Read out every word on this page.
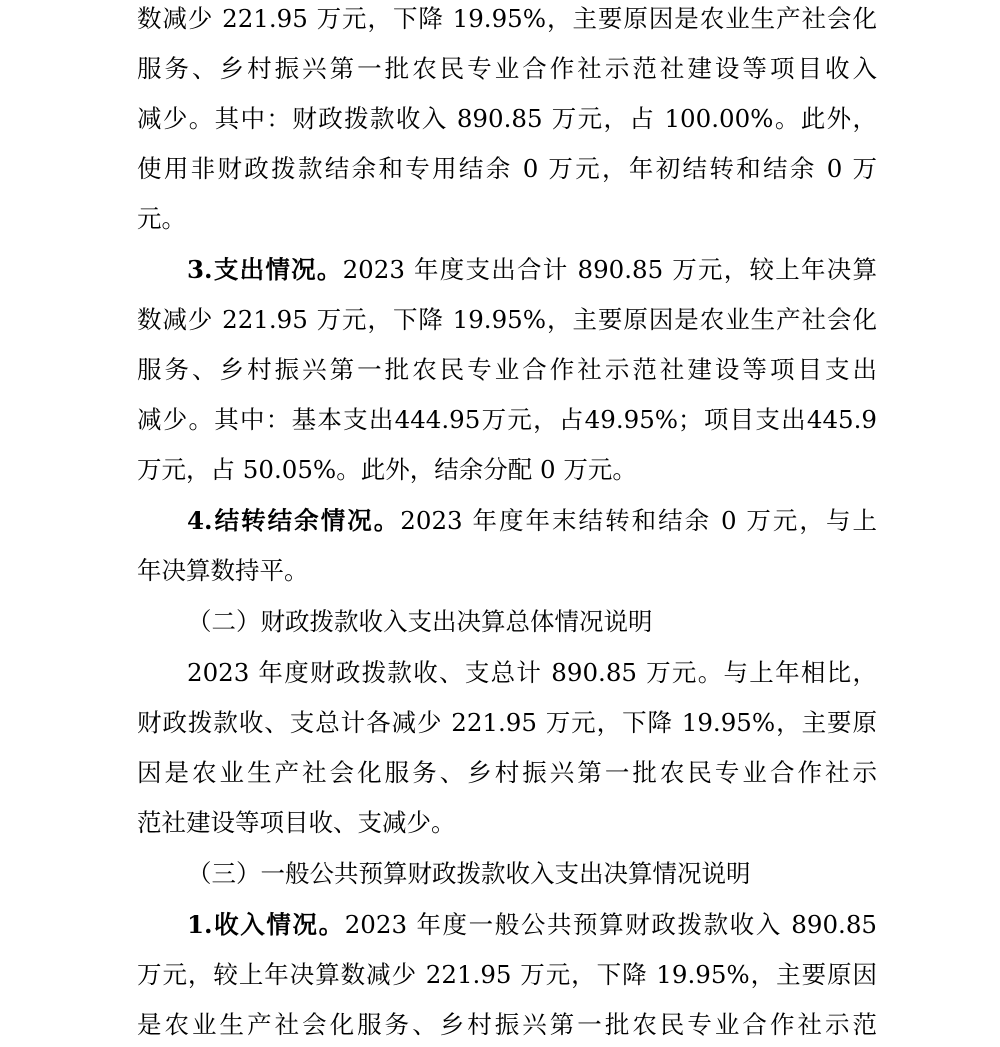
数减少 221.95 万元，下降 19.95%，主要原因是农业生产社会化
服务、乡村振兴第一批农民专业合作社示范社建设等项目收入
减少。其中：财政拨款收入 890.85 万元，占 100.00%。此外，
使用非财政拨款结余和专用结余 0 万元，年初结转和结余 0 万
元。
3.支出情况。2023 年度支出合计 890.85 万元，较上年决算
数减少 221.95 万元，下降 19.95%，主要原因是农业生产社会化
服务、乡村振兴第一批农民专业合作社示范社建设等项目支出
减少。其中：基本支出444.95万元，占49.95%；项目支出445.9
万元，占 50.05%。此外，结余分配 0 万元。
4.结转结余情况。2023 年度年末结转和结余 0 万元，与上
年决算数持平。
（二）财政拨款收入支出决算总体情况说明
2023 年度财政拨款收、支总计 890.85 万元。与上年相比，
财政拨款收、支总计各减少 221.95 万元，下降 19.95%，主要原
因是农业生产社会化服务、乡村振兴第一批农民专业合作社示
范社建设等项目收、支减少。
（三）一般公共预算财政拨款收入支出决算情况说明
1.收入情况。2023 年度一般公共预算财政拨款收入 890.85
万元，较上年决算数减少 221.95 万元，下降 19.95%，主要原因
是农业生产社会化服务、乡村振兴第一批农民专业合作社示范
